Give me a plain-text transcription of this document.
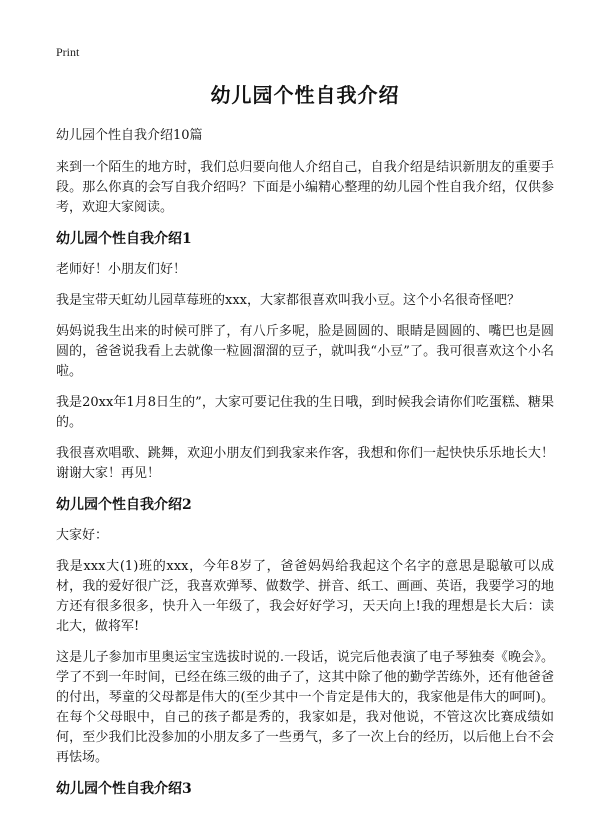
Print
幼儿园个性自我介绍
幼儿园个性自我介绍10篇

来到一个陌生的地方时，我们总归要向他人介绍自己，自我介绍是结识新朋友的重要手段。那么你真的会写自我介绍吗？下面是小编精心整理的幼儿园个性自我介绍，仅供参考，欢迎大家阅读。

幼儿园个性自我介绍1

老师好！小朋友们好！

我是宝带天虹幼儿园草莓班的xxx，大家都很喜欢叫我小豆。这个小名很奇怪吧？

妈妈说我生出来的时候可胖了，有八斤多呢，脸是圆圆的、眼睛是圆圆的、嘴巴也是圆圆的，爸爸说我看上去就像一粒圆溜溜的豆子，就叫我“小豆”了。我可很喜欢这个小名啦。

我是20xx年1月8日生的”，大家可要记住我的生日哦，到时候我会请你们吃蛋糕、糖果的。

我很喜欢唱歌、跳舞，欢迎小朋友们到我家来作客，我想和你们一起快快乐乐地长大！谢谢大家！再见！

幼儿园个性自我介绍2

大家好：

我是xxx大(1)班的xxx，今年8岁了，爸爸妈妈给我起这个名字的意思是聪敏可以成材，我的爱好很广泛，我喜欢弹琴、做数学、拼音、纸工、画画、英语，我要学习的地方还有很多很多，快升入一年级了，我会好好学习，天天向上!我的理想是长大后：读北大，做将军!

这是儿子参加市里奥运宝宝选拔时说的.一段话，说完后他表演了电子琴独奏《晚会》。学了不到一年时间，已经在练三级的曲子了，这其中除了他的勤学苦练外，还有他爸爸的付出，琴童的父母都是伟大的(至少其中一个肯定是伟大的，我家他是伟大的呵呵)。在每个父母眼中，自己的孩子都是秀的，我家如是，我对他说，不管这次比赛成绩如何，至少我们比没参加的小朋友多了一些勇气，多了一次上台的经历，以后他上台不会再怯场。

幼儿园个性自我介绍3
